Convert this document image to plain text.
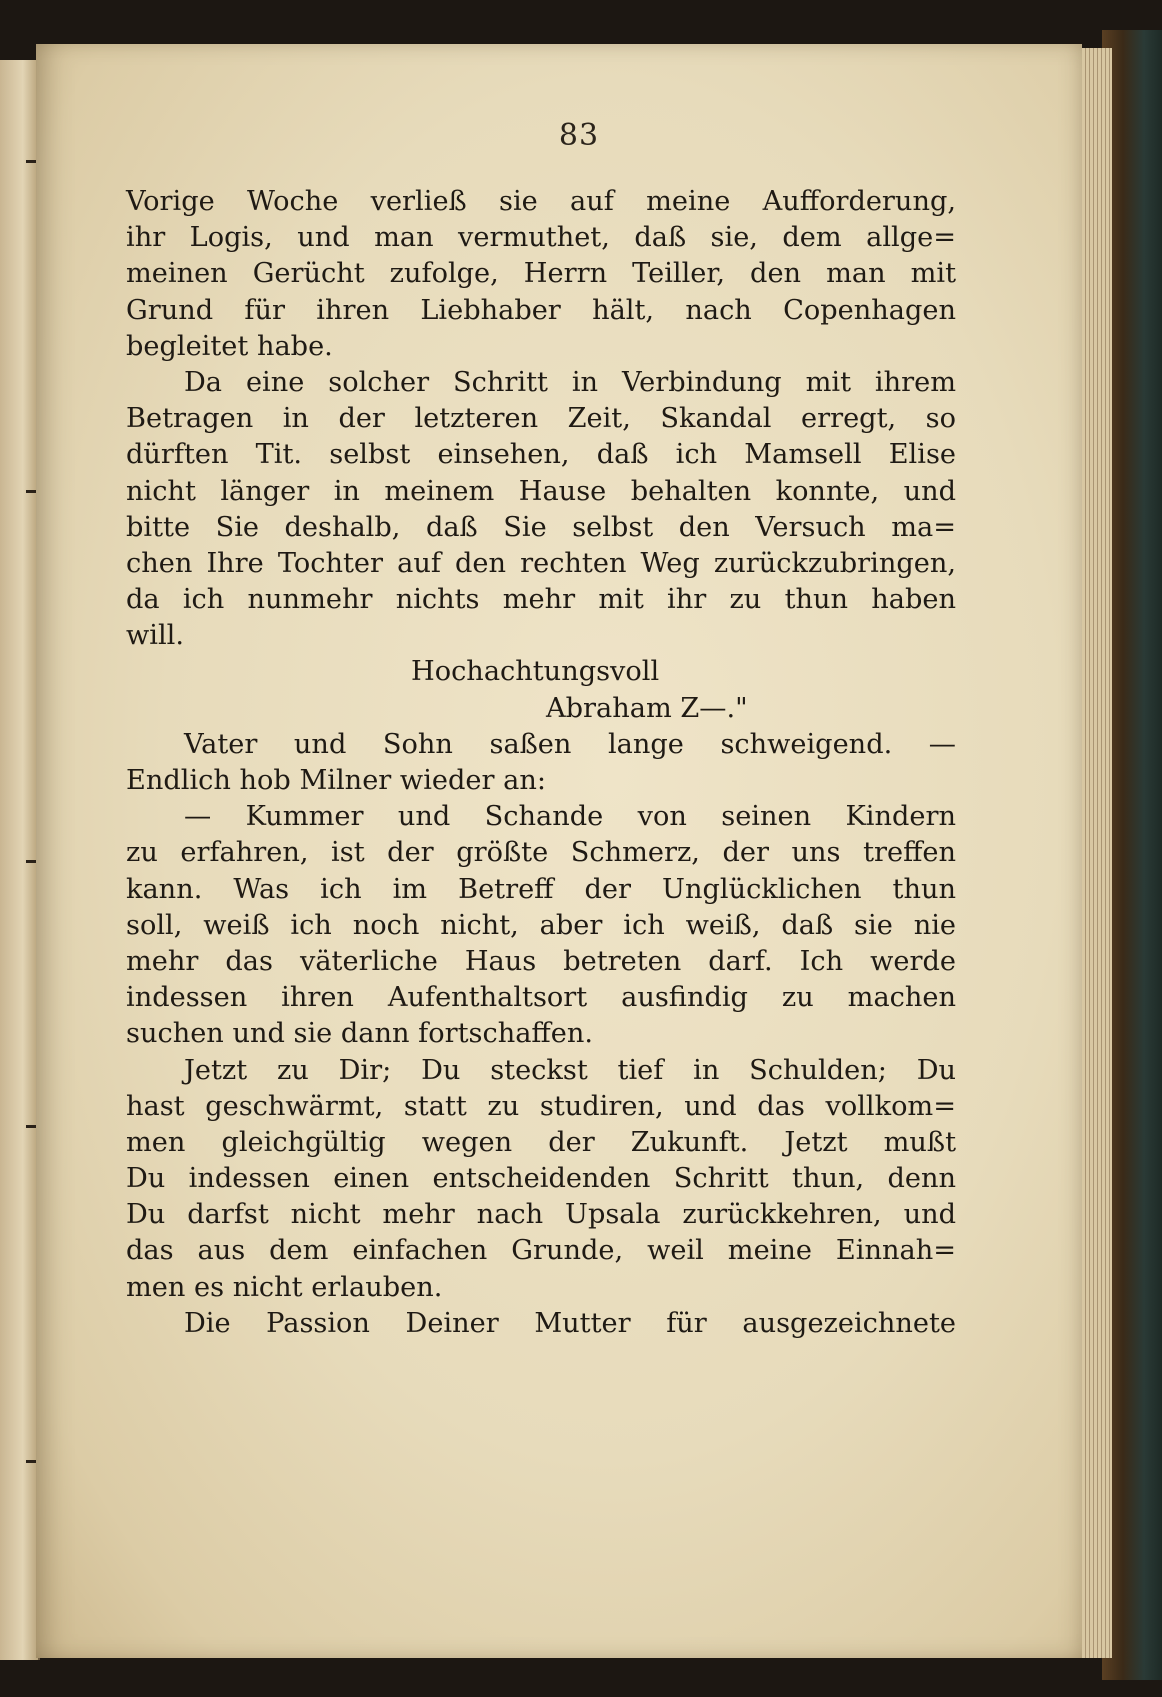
83
Vorige Woche verließ sie auf meine Aufforderung,
ihr Logis, und man vermuthet, daß sie, dem allge=
meinen Gerücht zufolge, Herrn Teiller, den man mit
Grund für ihren Liebhaber hält, nach Copenhagen
begleitet habe.
Da eine solcher Schritt in Verbindung mit ihrem
Betragen in der letzteren Zeit, Skandal erregt, so
dürften Tit. selbst einsehen, daß ich Mamsell Elise
nicht länger in meinem Hause behalten konnte, und
bitte Sie deshalb, daß Sie selbst den Versuch ma=
chen Ihre Tochter auf den rechten Weg zurückzubringen,
da ich nunmehr nichts mehr mit ihr zu thun haben
will.
Hochachtungsvoll
Abraham Z—."
Vater und Sohn saßen lange schweigend. —
Endlich hob Milner wieder an:
— Kummer und Schande von seinen Kindern
zu erfahren, ist der größte Schmerz, der uns treffen
kann. Was ich im Betreff der Unglücklichen thun
soll, weiß ich noch nicht, aber ich weiß, daß sie nie
mehr das väterliche Haus betreten darf. Ich werde
indessen ihren Aufenthaltsort ausfindig zu machen
suchen und sie dann fortschaffen.
Jetzt zu Dir; Du steckst tief in Schulden; Du
hast geschwärmt, statt zu studiren, und das vollkom=
men gleichgültig wegen der Zukunft. Jetzt mußt
Du indessen einen entscheidenden Schritt thun, denn
Du darfst nicht mehr nach Upsala zurückkehren, und
das aus dem einfachen Grunde, weil meine Einnah=
men es nicht erlauben.
Die Passion Deiner Mutter für ausgezeichnete
